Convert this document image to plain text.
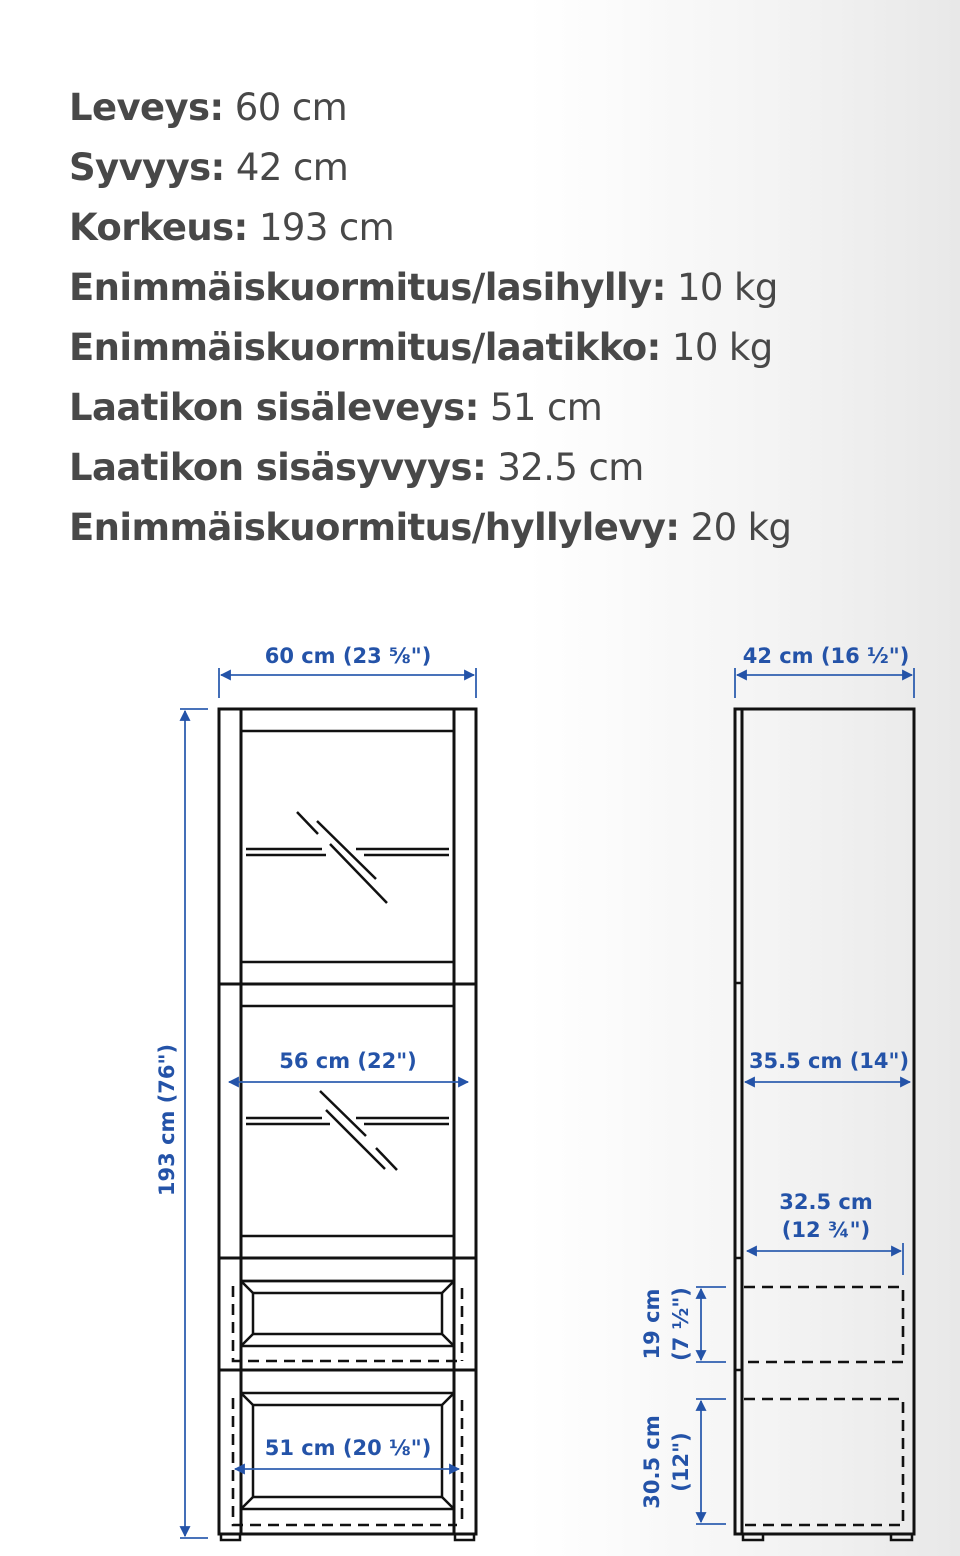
Leveys: 60 cm
Syvyys: 42 cm
Korkeus: 193 cm
Enimmäiskuormitus/lasihylly: 10 kg
Enimmäiskuormitus/laatikko: 10 kg
Laatikon sisäleveys: 51 cm
Laatikon sisäsyvyys: 32.5 cm
Enimmäiskuormitus/hyllylevy: 20 kg
60 cm (23 ⅝")
193 cm (76")	56 cm (22")
51 cm (20 ⅛")
42 cm (16 ½")
35.5 cm (14")
32.5 cm
(12 ¾")
19 cm (7 ½")
30.5 cm (12")
